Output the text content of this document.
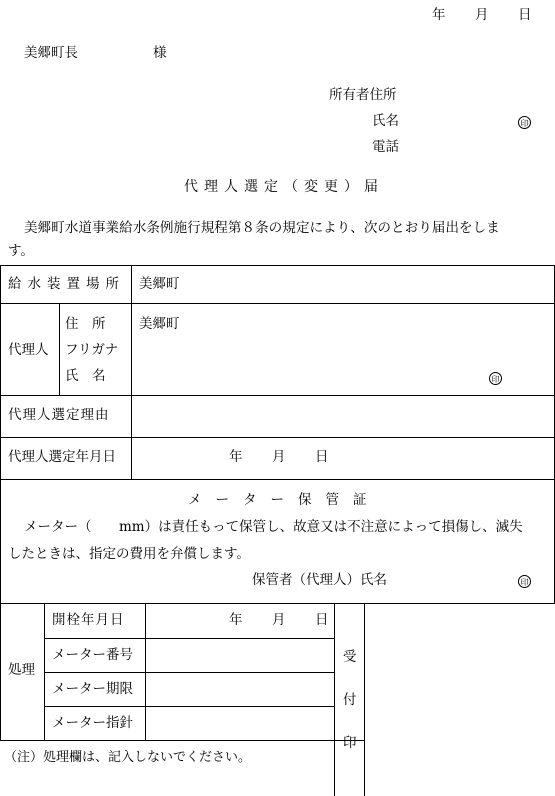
年 月 日
美郷町長	様
所有者住所
氏名	印
電話
代理人選定（変更）届
美郷町水道事業給水条例施行規程第８条の規定により、次のとおり届出をしま
す。
給水装置場所 美郷町
代理人
住　所 美郷町
フリガナ
氏　名	印
代理人選定理由
代理人選定年月日	年 月 日
メーター保管証
メーター（ mm）は責任もって保管し、故意又は不注意によって損傷し、滅失
したときは、指定の費用を弁償します。
保管者（代理人）氏名	印
処理
開栓年月日	年 月 日
メーター番号
メーター期限
メーター指針
受
付
印
（注）処理欄は、記入しないでください。
